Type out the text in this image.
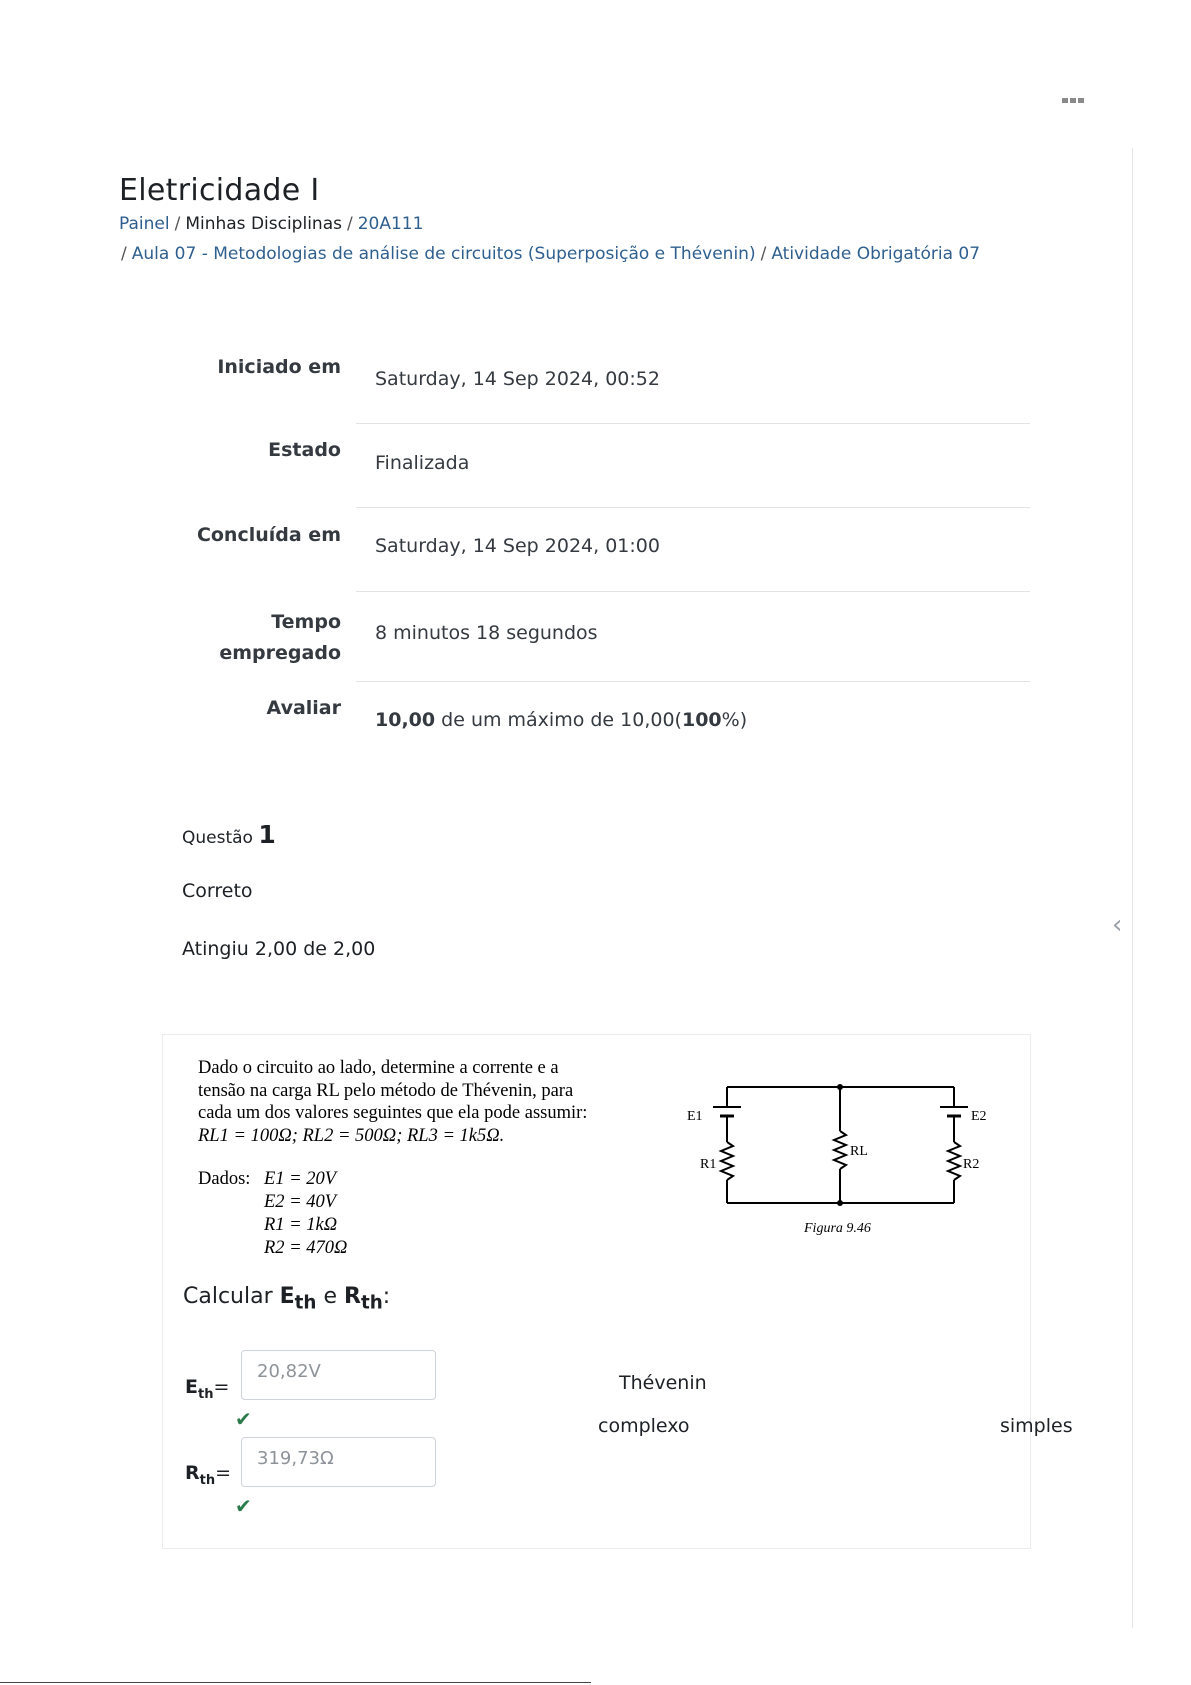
‹
Eletricidade I
Painel / Minhas Disciplinas / 20A111
/ Aula 07 - Metodologias de análise de circuitos (Superposição e Thévenin) / Atividade Obrigatória 07
Iniciado em
Saturday, 14 Sep 2024, 00:52
Estado
Finalizada
Concluída em Saturday, 14 Sep 2024, 01:00
Tempo
empregado
8 minutos 18 segundos
Avaliar
10,00 de um máximo de 10,00(100%)
Questão 1
Correto
Atingiu 2,00 de 2,00
Dado o circuito ao lado, determine a corrente e a
tensão na carga RL pelo método de Thévenin, para
cada um dos valores seguintes que ela pode assumir:
RL1 = 100Ω; RL2 = 500Ω; RL3 = 1k5Ω.
Dados: E1 = 20V
E2 = 40V
R1 = 1kΩ
R2 = 470Ω
E1	E2
R1	R2
RL
Figura 9.46
Calcular $E_{th}$ e $R_{th}$:
$E_{th}=$
20,82V
✔
$R_{th}=$
319,73Ω
✔
Thévenin
complexo	simples
